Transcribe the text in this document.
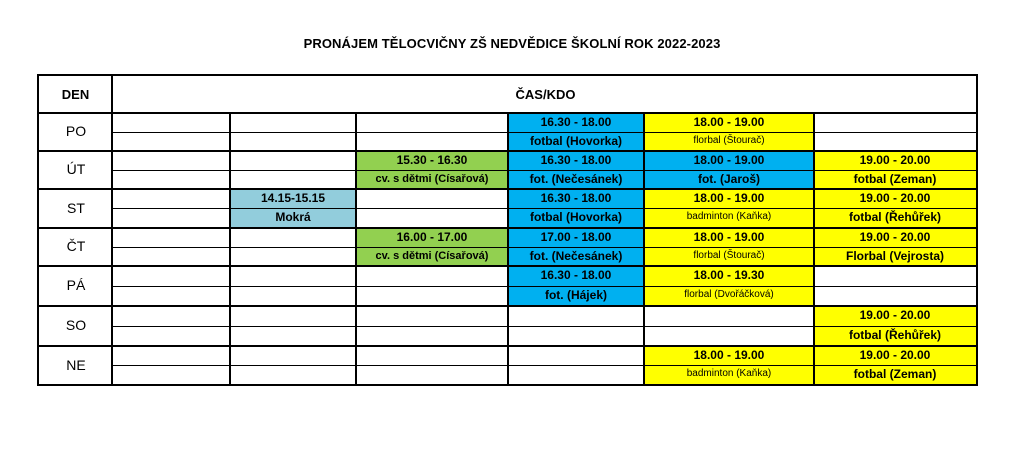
PRONÁJEM TĚLOCVIČNY ZŠ NEDVĚDICE ŠKOLNÍ ROK 2022-2023
DEN	ČAS/KDO
16.30 - 18.00
fotbal (Hovorka)
18.00 - 19.00
florbal (Štourač)
15.30 - 16.30
cv. s dětmi (Císařová)
16.30 - 18.00
fot. (Nečesánek)
18.00 - 19.00
fot. (Jaroš)
19.00 - 20.00
fotbal (Zeman)
14.15-15.15
Mokrá
16.30 - 18.00
fotbal (Hovorka)
18.00 - 19.00
badminton (Kaňka)
19.00 - 20.00
fotbal (Řehůřek)
16.00 - 17.00
cv. s dětmi (Císařová)
17.00 - 18.00
fot. (Nečesánek)
18.00 - 19.00
florbal (Štourač)
19.00 - 20.00
Florbal (Vejrosta)
16.30 - 18.00
fot. (Hájek)
18.00 - 19.30
florbal (Dvořáčková)
19.00 - 20.00
fotbal (Řehůřek)
18.00 - 19.00
badminton (Kaňka)
19.00 - 20.00
fotbal (Zeman)
PO
ÚT
ST
ČT
PÁ
SO
NE
